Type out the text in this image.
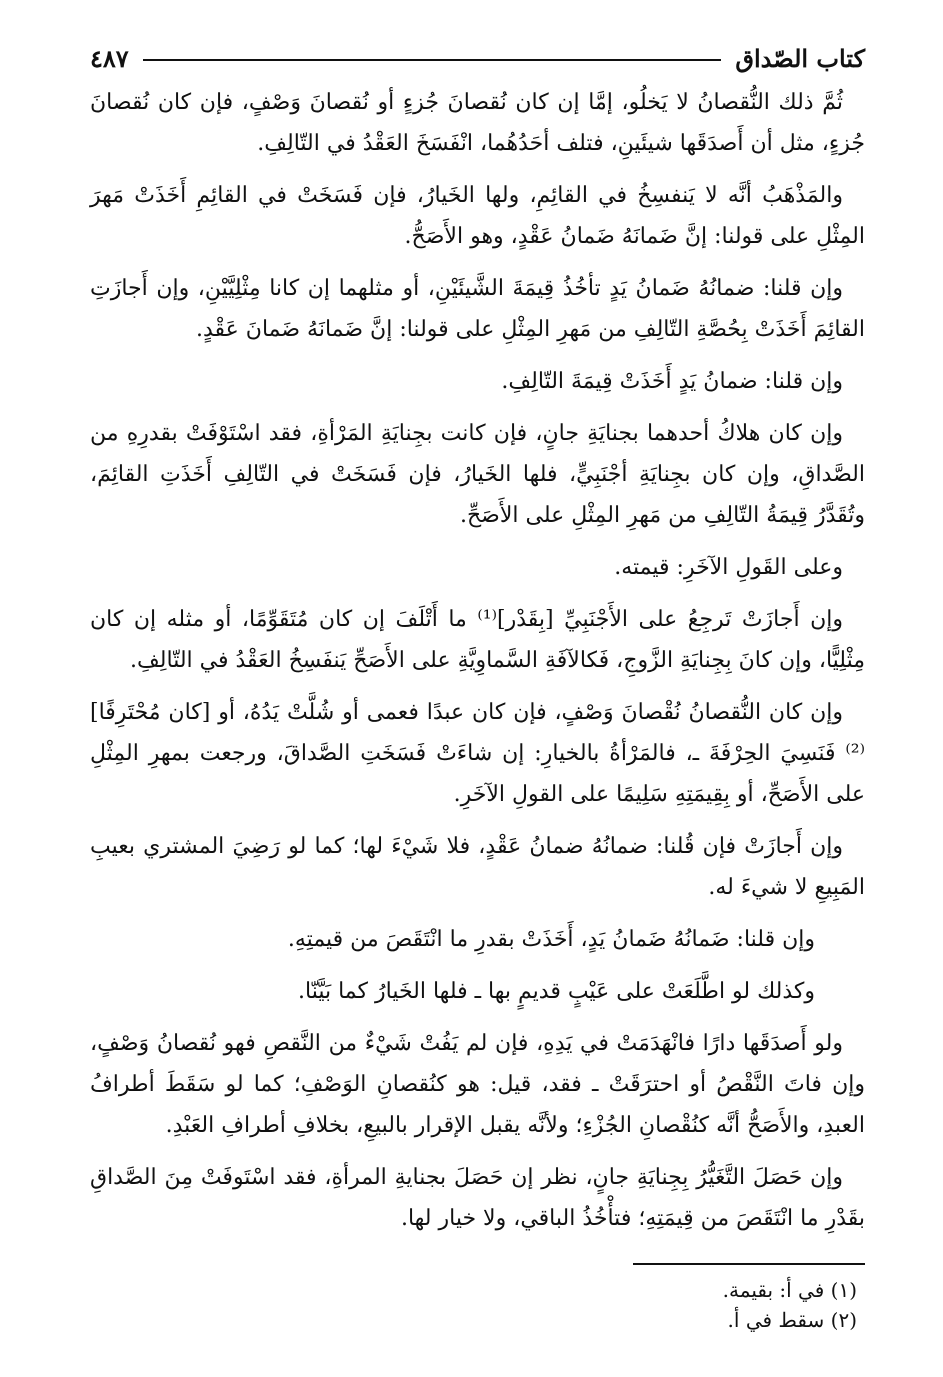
كتاب الصّداق
٤٨٧

ثُمَّ ذلك النُّقصانُ لا يَخلُو، إمَّا إن كان نُقصانَ جُزءٍ أو نُقصانَ وَصْفٍ، فإن كان نُقصانَ جُزءٍ، مثل أن أَصدَقَها شيئَينِ، فتلف أحَدُهُما، انْفَسَخَ العَقْدُ في التّالِفِ.

والمَذْهَبُ أنَّه لا يَنفسِخُ في القائِمِ، ولها الخَيارُ، فإن فَسَخَتْ في القائِمِ أَخَذَتْ مَهرَ المِثْلِ على قولنا: إنَّ ضَمانَهُ ضَمانُ عَقْدٍ، وهو الأَصَحُّ.

وإن قلنا: ضمانُهُ ضَمانُ يَدٍ تأخُذُ قِيمَةَ الشَّيئَيْنِ، أو مثلهما إن كانا مِثْلِيَّيْنِ، وإن أَجازَتِ القائِمَ أَخَذَتْ بِحُصَّةِ التّالِفِ من مَهرِ المِثْلِ على قولنا: إنَّ ضَمانَهُ ضَمانَ عَقْدٍ.

وإن قلنا: ضمانُ يَدٍ أَخَذَتْ قِيمَةَ التّالِفِ.

وإن كان هلاكُ أحدهما بجنايَةِ جانٍ، فإن كانت بجِنايَةِ المَرْأةِ، فقد اسْتَوْفَتْ بقدرِهِ من الصَّداقِ، وإن كان بجِنايَةِ أجْنَبِيٍّ، فلها الخَيارُ، فإن فَسَخَتْ في التّالِفِ أَخَذَتِ القائِمَ، وتُقَدَّرُ قِيمَةُ التّالِفِ من مَهرِ المِثْلِ على الأَصَحِّ.

وعلى القَولِ الآخَرِ: قيمته.

وإن أَجازَتْ تَرجِعُ على الأَجْنَبِيِّ [بِقَدْر]⁽¹⁾ ما أَتْلَفَ إن كان مُتَقَوِّمًا، أو مثله إن كان مِثْلِيًّا، وإن كانَ بِجِنايَةِ الزَّوجِ، فَكالآفَةِ السَّماوِيَّةِ على الأَصَحِّ يَنفَسِخُ العَقْدُ في التّالِفِ.

وإن كان النُّقصانُ نُقْصانَ وَصْفٍ، فإن كان عبدًا فعمى أو شُلَّتْ يَدُهُ، أو [كان مُحْتَرِفًا]⁽²⁾ فَنَسِيَ الحِرْفَةَ ـ، فالمَرْأةُ بالخيارِ: إن شاءَتْ فَسَخَتِ الصَّداقَ، ورجعت بمهرِ المِثْلِ على الأَصَحِّ، أو بِقِيمَتِهِ سَلِيمًا على القولِ الآخَرِ.

وإن أَجازَتْ فإن قُلنا: ضمانُهُ ضمانُ عَقْدٍ، فلا شَيْءَ لها؛ كما لو رَضِيَ المشتري بعيبِ المَبِيعِ لا شيءَ له.

وإن قلنا: ضَمانُهُ ضَمانُ يَدٍ، أَخَذَتْ بقدرِ ما انْتَقَصَ من قيمتِهِ.

وكذلك لو اطَّلَعَتْ على عَيْبٍ قديمٍ بها ـ فلها الخَيارُ كما بَيَّنّا.

ولو أَصدَقَها دارًا فانْهَدَمَتْ في يَدِهِ، فإن لم يَفُتْ شَيْءٌ من النَّقصِ فهو نُقصانُ وَصْفٍ، وإن فاتَ النَّقْصُ أو احترَقَتْ ـ فقد، قيل: هو كنُقصانِ الوَصْفِ؛ كما لو سَقَطَ أطرافُ العبدِ، والأَصَحُّ أنَّه كنُقْصانِ الجُزْءِ؛ ولأنَّه يقبل الإقرار بالبيعِ، بخلافِ أطرافِ العَبْدِ.

وإن حَصَلَ التَّغَيُّرُ بِجِنايَةِ جانٍ، نظر إن حَصَلَ بجنايةِ المرأةِ، فقد اسْتَوفَتْ مِنَ الصَّداقِ بقَدْرِ ما انْتَقَصَ من قِيمَتِهِ؛ فتأْخُذُ الباقي، ولا خيار لها.

(١) في أ: بقيمة.

(٢) سقط في أ.
